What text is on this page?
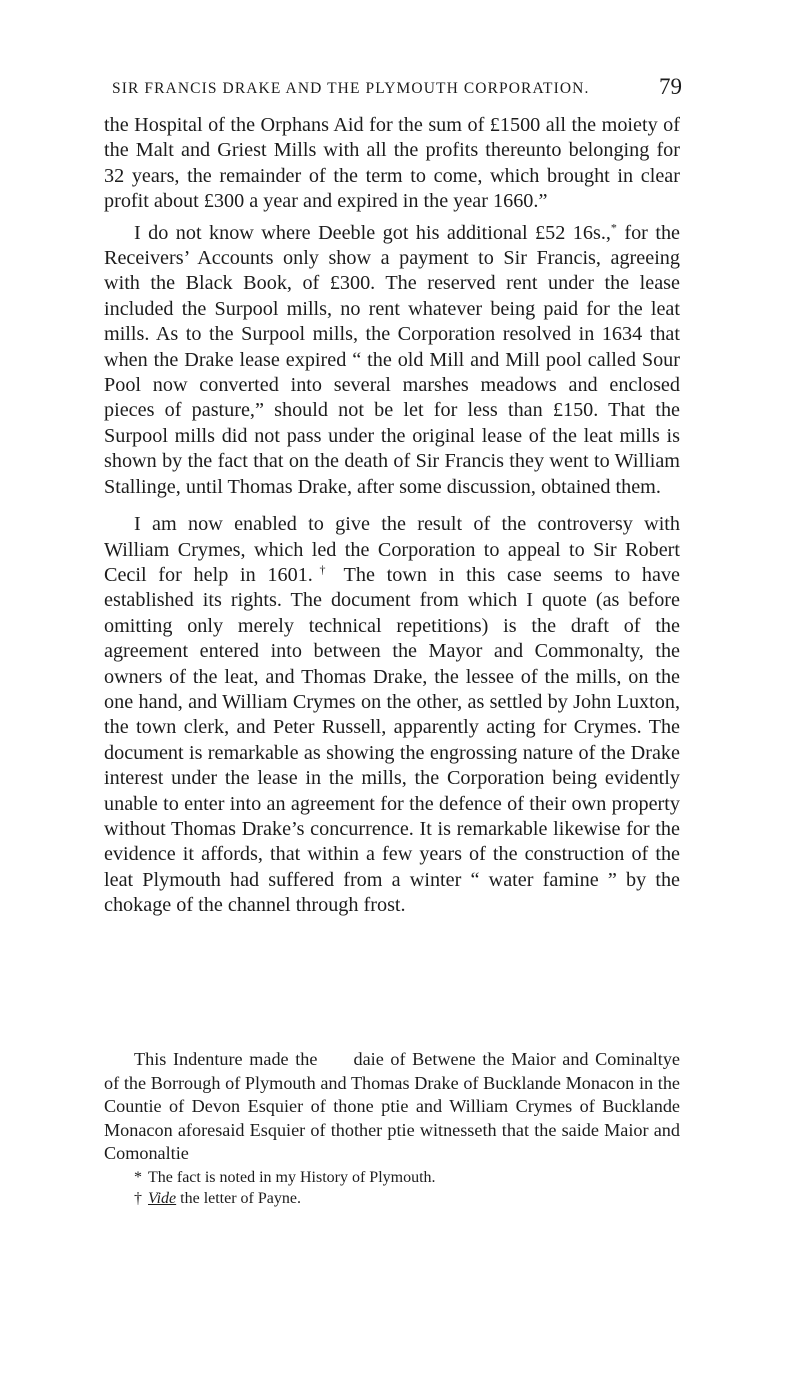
SIR FRANCIS DRAKE AND THE PLYMOUTH CORPORATION.	79

the Hospital of the Orphans Aid for the sum of £1500 all the moiety of the Malt and Griest Mills with all the profits thereunto belonging for 32 years, the remainder of the term to come, which brought in clear profit about £300 a year and expired in the year 1660.”

I do not know where Deeble got his additional £52 16s.,* for the Receivers’ Accounts only show a payment to Sir Francis, agreeing with the Black Book, of £300. The reserved rent under the lease included the Surpool mills, no rent whatever being paid for the leat mills. As to the Surpool mills, the Corporation resolved in 1634 that when the Drake lease expired “ the old Mill and Mill pool called Sour Pool now converted into several marshes meadows and enclosed pieces of pasture,” should not be let for less than £150. That the Surpool mills did not pass under the original lease of the leat mills is shown by the fact that on the death of Sir Francis they went to William Stallinge, until Thomas Drake, after some discussion, obtained them.

I am now enabled to give the result of the controversy with William Crymes, which led the Corporation to appeal to Sir Robert Cecil for help in 1601.† The town in this case seems to have established its rights. The document from which I quote (as before omitting only merely technical repetitions) is the draft of the agreement entered into between the Mayor and Commonalty, the owners of the leat, and Thomas Drake, the lessee of the mills, on the one hand, and William Crymes on the other, as settled by John Luxton, the town clerk, and Peter Russell, apparently acting for Crymes. The document is remarkable as showing the engrossing nature of the Drake interest under the lease in the mills, the Corporation being evidently unable to enter into an agreement for the defence of their own property without Thomas Drake’s concurrence. It is remarkable likewise for the evidence it affords, that within a few years of the construction of the leat Plymouth had suffered from a winter “ water famine ” by the chokage of the channel through frost.

This Indenture made the daie of Betwene the Maior and Cominaltye of the Borrough of Plymouth and Thomas Drake of Bucklande Monacon in the Countie of Devon Esquier of thone ptie and William Crymes of Bucklande Monacon aforesaid Esquier of thother ptie witnesseth that the saide Maior and Comonaltie

* The fact is noted in my History of Plymouth.

† Vide the letter of Payne.
